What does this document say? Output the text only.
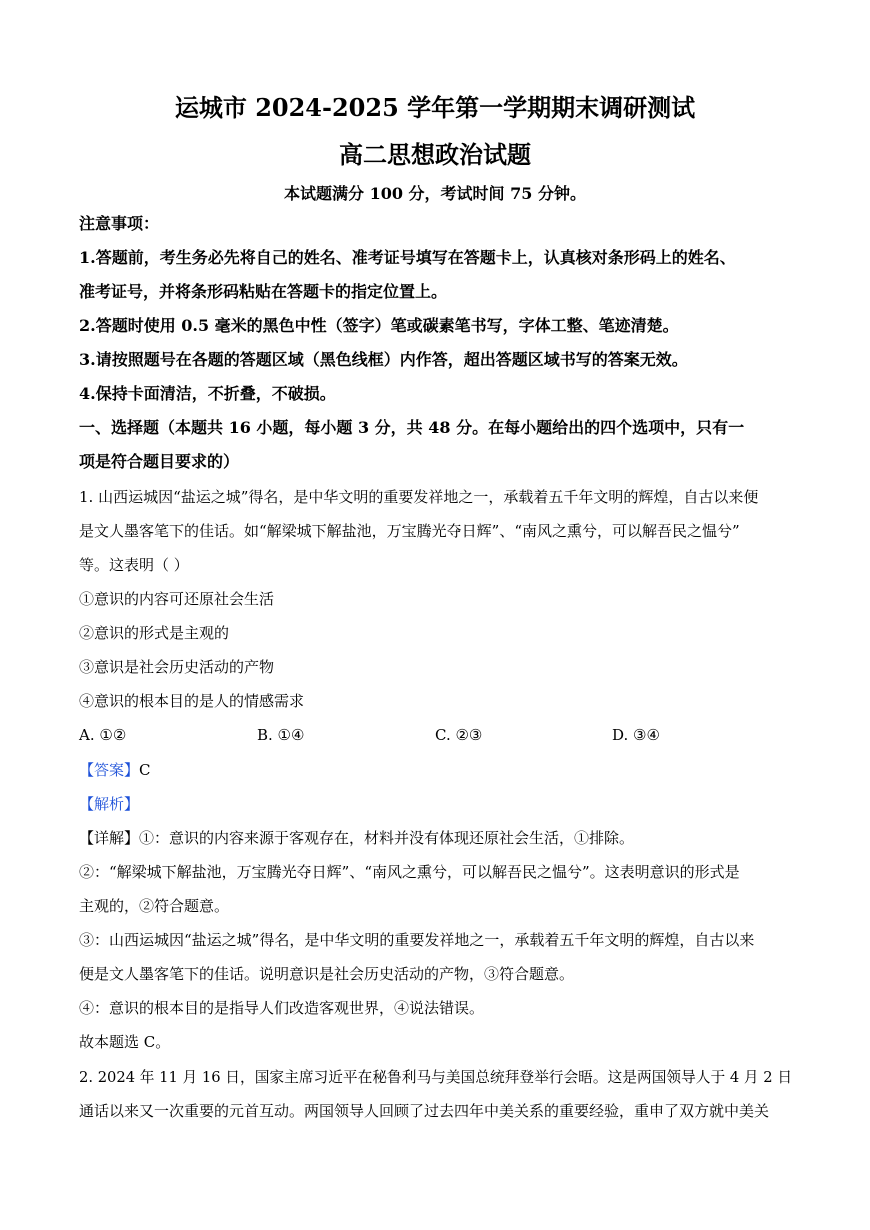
运城市 2024-2025 学年第一学期期末调研测试
高二思想政治试题
本试题满分 100 分，考试时间 75 分钟。
注意事项：
1.答题前，考生务必先将自己的姓名、准考证号填写在答题卡上，认真核对条形码上的姓名、
准考证号，并将条形码粘贴在答题卡的指定位置上。
2.答题时使用 0.5 毫米的黑色中性（签字）笔或碳素笔书写，字体工整、笔迹清楚。
3.请按照题号在各题的答题区域（黑色线框）内作答，超出答题区域书写的答案无效。
4.保持卡面清洁，不折叠，不破损。
一、选择题（本题共 16 小题，每小题 3 分，共 48 分。在每小题给出的四个选项中，只有一
项是符合题目要求的）
1. 山西运城因“盐运之城”得名，是中华文明的重要发祥地之一，承载着五千年文明的辉煌，自古以来便
是文人墨客笔下的佳话。如“解梁城下解盐池，万宝腾光夺日辉”、“南风之熏兮，可以解吾民之愠兮”
等。这表明（ ）
①意识的内容可还原社会生活
②意识的形式是主观的
③意识是社会历史活动的产物
④意识的根本目的是人的情感需求
A. ①②	B. ①④	C. ②③	D. ③④
【答案】C
【解析】
【详解】①：意识的内容来源于客观存在，材料并没有体现还原社会生活，①排除。
②：“解梁城下解盐池，万宝腾光夺日辉”、“南风之熏兮，可以解吾民之愠兮”。这表明意识的形式是
主观的，②符合题意。
③：山西运城因“盐运之城”得名，是中华文明的重要发祥地之一，承载着五千年文明的辉煌，自古以来
便是文人墨客笔下的佳话。说明意识是社会历史活动的产物，③符合题意。
④：意识的根本目的是指导人们改造客观世界，④说法错误。
故本题选 C。
2. 2024 年 11 月 16 日，国家主席习近平在秘鲁利马与美国总统拜登举行会晤。这是两国领导人于 4 月 2 日
通话以来又一次重要的元首互动。两国领导人回顾了过去四年中美关系的重要经验，重申了双方就中美关
